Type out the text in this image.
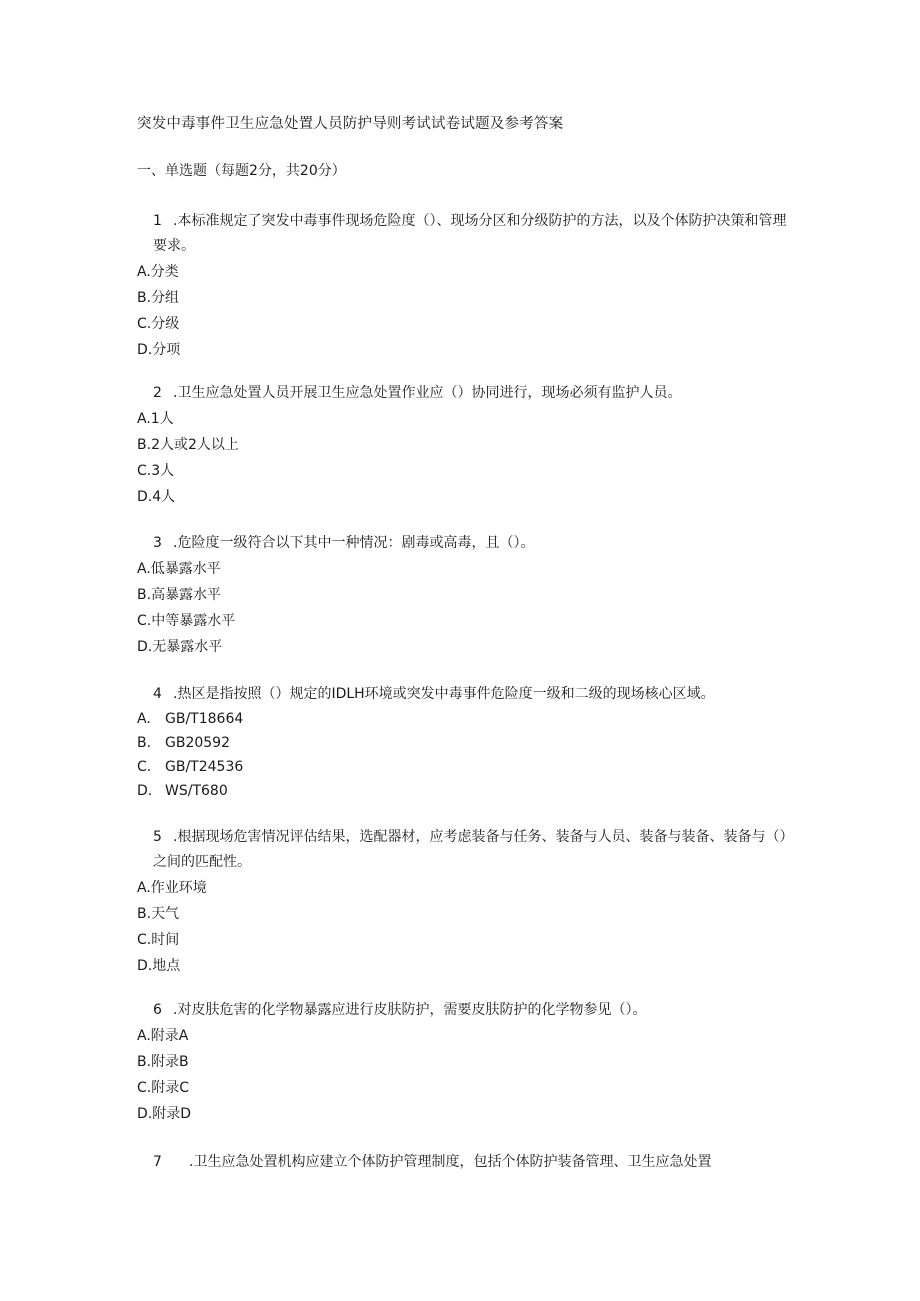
突发中毒事件卫生应急处置人员防护导则考试试卷试题及参考答案
一、单选题（每题2分，共20分）
1 .本标准规定了突发中毒事件现场危险度（）、现场分区和分级防护的方法，以及个体防护决策和管理要求。
A.分类
B.分组
C.分级
D.分项
2 .卫生应急处置人员开展卫生应急处置作业应（）协同进行，现场必须有监护人员。
A.1人
B.2人或2人以上
C.3人
D.4人
3 .危险度一级符合以下其中一种情况：剧毒或高毒，且（）。
A.低暴露水平
B.高暴露水平
C.中等暴露水平
D.无暴露水平
4 .热区是指按照（）规定的IDLH环境或突发中毒事件危险度一级和二级的现场核心区域。
A. GB/T18664
B. GB20592
C. GB/T24536
D. WS/T680
5 .根据现场危害情况评估结果，选配器材，应考虑装备与任务、装备与人员、装备与装备、装备与（）之间的匹配性。
A.作业环境
B.天气
C.时间
D.地点
6 .对皮肤危害的化学物暴露应进行皮肤防护，需要皮肤防护的化学物参见（）。
A.附录A
B.附录B
C.附录C
D.附录D
7 .卫生应急处置机构应建立个体防护管理制度，包括个体防护装备管理、卫生应急处置
